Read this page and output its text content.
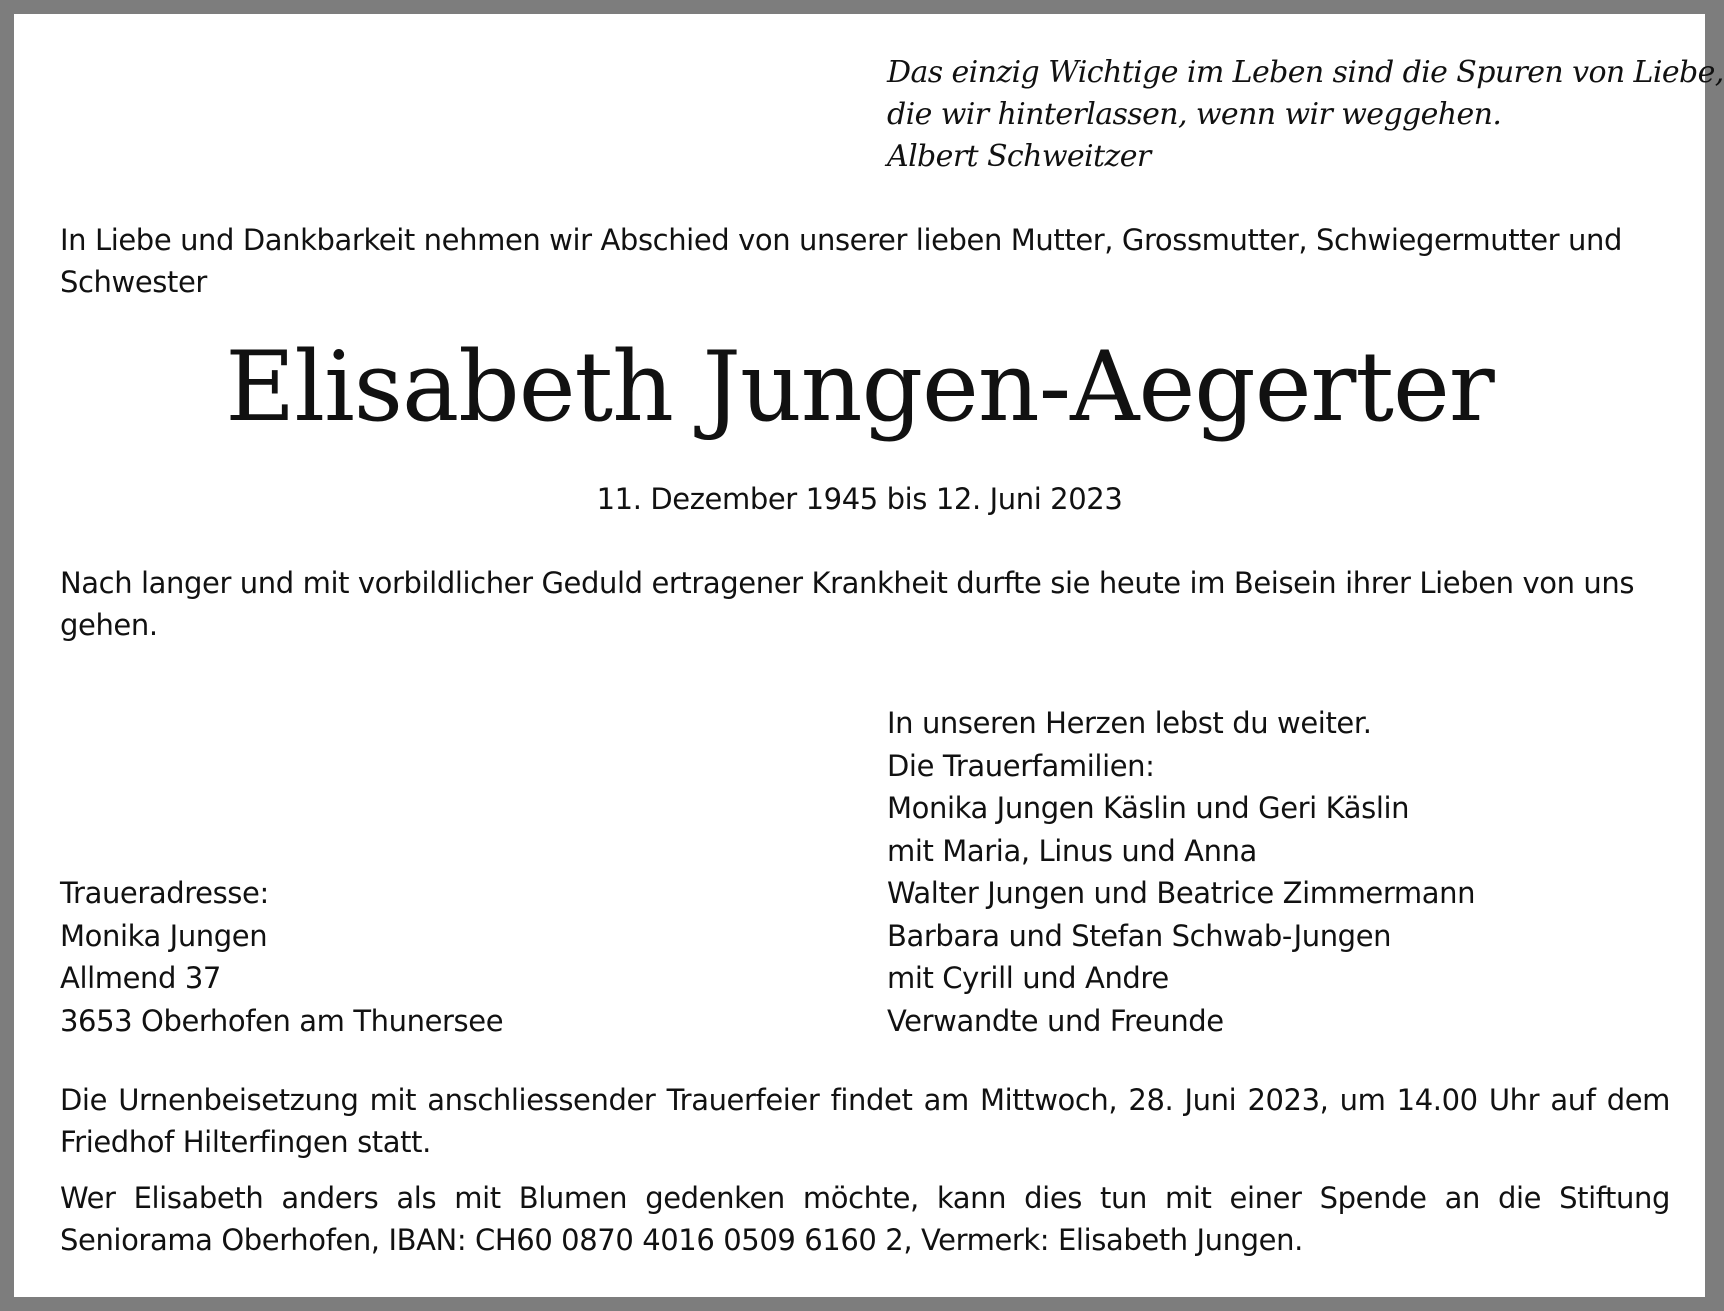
Das einzig Wichtige im Leben sind die Spuren von Liebe,
die wir hinterlassen, wenn wir weggehen.
Albert Schweitzer
In Liebe und Dankbarkeit nehmen wir Abschied von unserer lieben Mutter, Grossmutter, Schwiegermutter und Schwester
Elisabeth Jungen-Aegerter
11. Dezember 1945 bis 12. Juni 2023
Nach langer und mit vorbildlicher Geduld ertragener Krankheit durfte sie heute im Beisein ihrer Lieben von uns gehen.
In unseren Herzen lebst du weiter.
Die Trauerfamilien:
Monika Jungen Käslin und Geri Käslin
mit Maria, Linus und Anna
Walter Jungen und Beatrice Zimmermann
Barbara und Stefan Schwab-Jungen
mit Cyrill und Andre
Verwandte und Freunde
Traueradresse:
Monika Jungen
Allmend 37
3653 Oberhofen am Thunersee
Die Urnenbeisetzung mit anschliessender Trauerfeier findet am Mittwoch, 28. Juni 2023, um 14.00 Uhr auf dem Friedhof Hilterfingen statt.
Wer Elisabeth anders als mit Blumen gedenken möchte, kann dies tun mit einer Spende an die Stiftung Seniorama Oberhofen, IBAN: CH60 0870 4016 0509 6160 2, Vermerk: Elisabeth Jungen.
